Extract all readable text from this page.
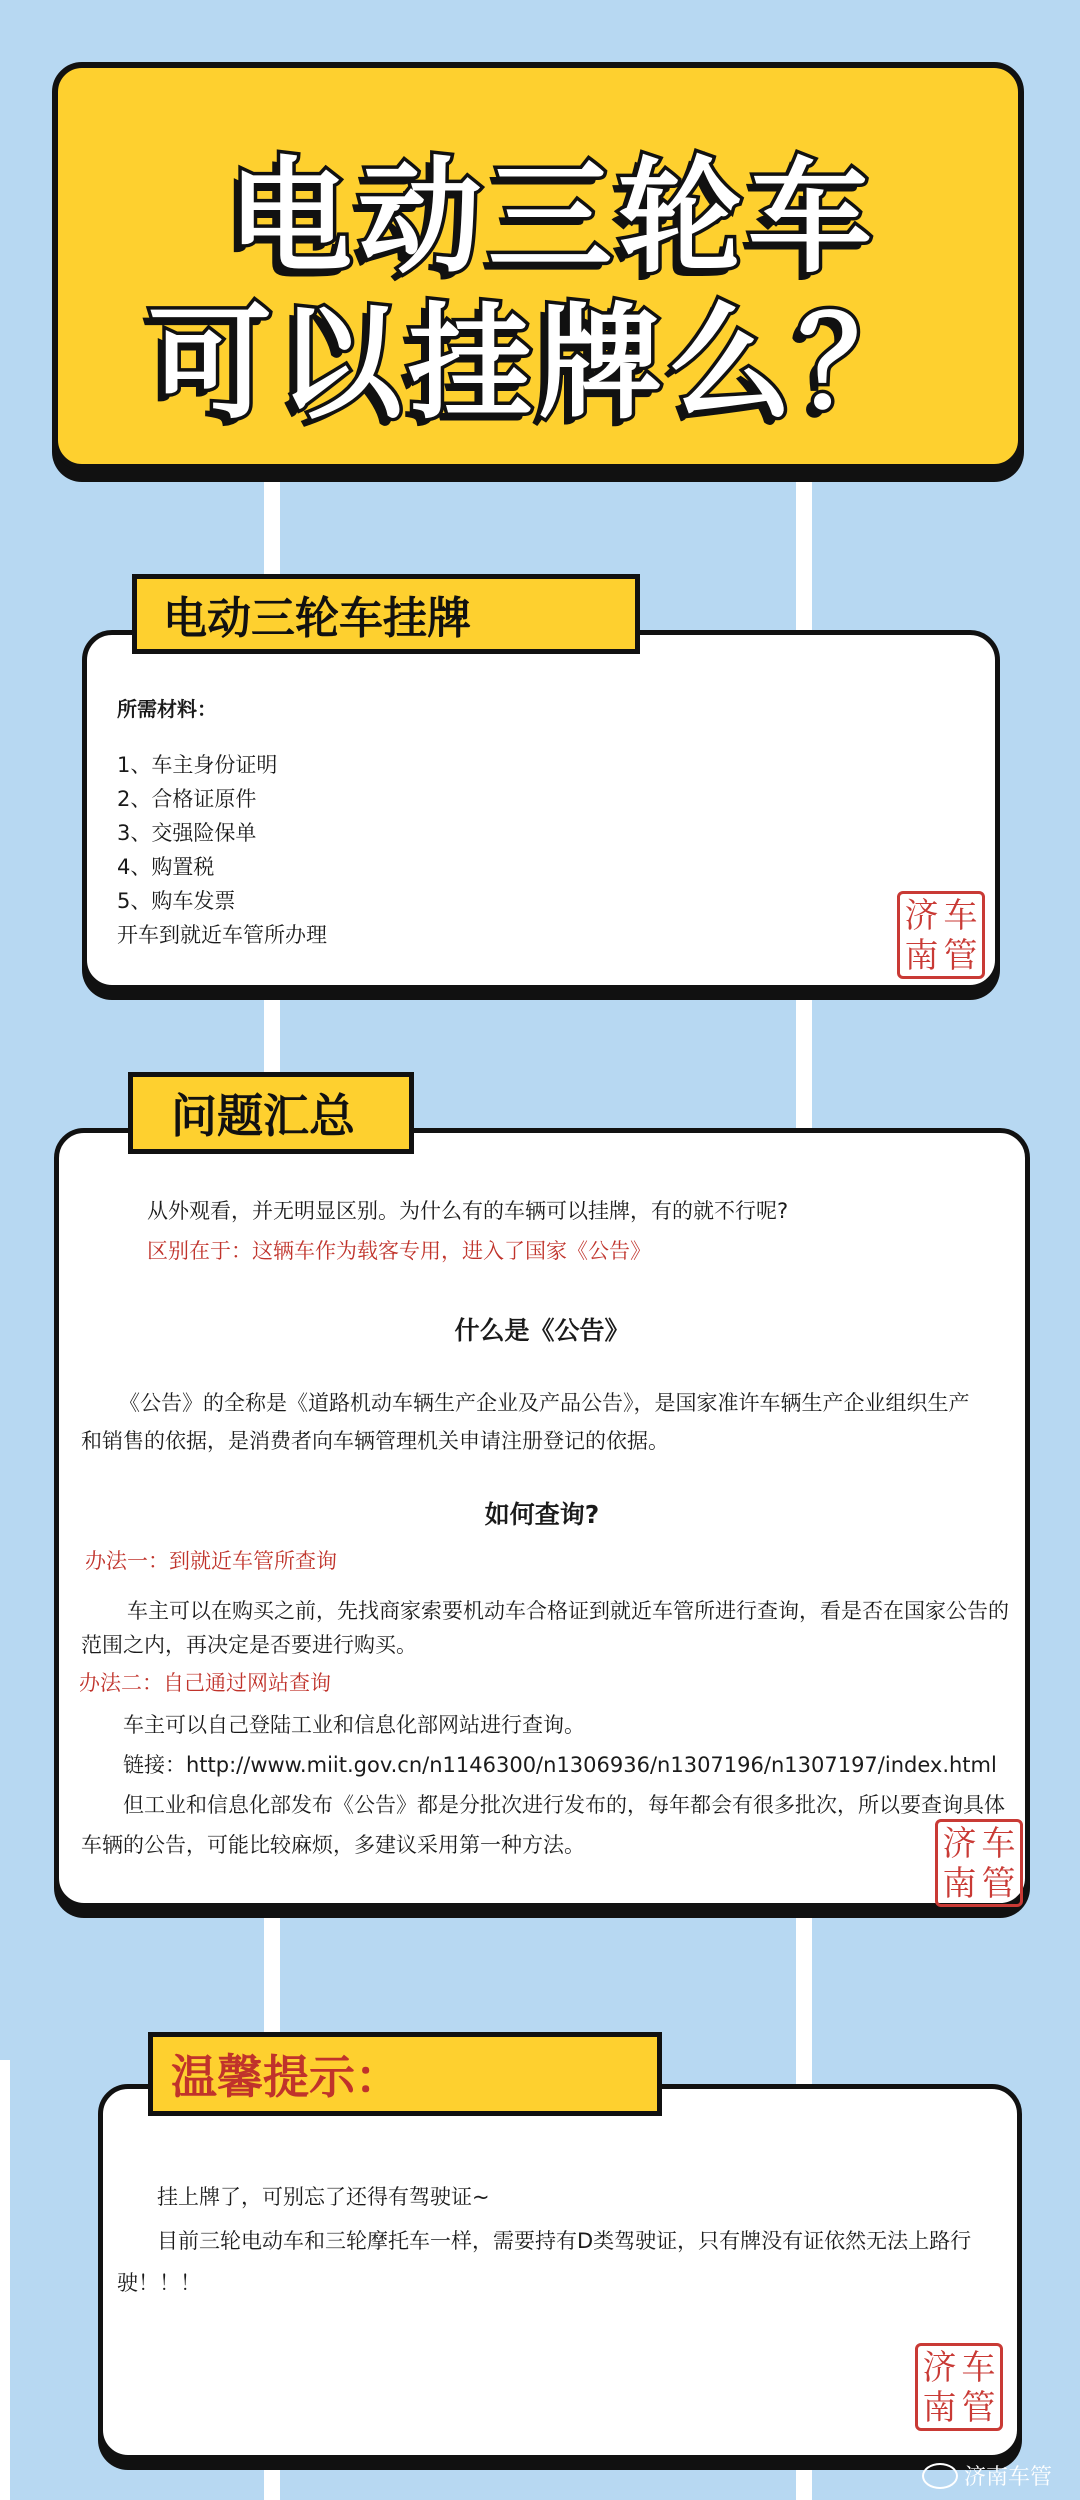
电动三轮车
可以挂牌么？
所需材料：
1、车主身份证明
2、合格证原件
3、交强险保单
4、购置税
5、购车发票
开车到就近车管所办理	济 车
南 管
电动三轮车挂牌
从外观看，并无明显区别。为什么有的车辆可以挂牌，有的就不行呢?
区别在于：这辆车作为载客专用，进入了国家《公告》
什么是《公告》
《公告》的全称是《道路机动车辆生产企业及产品公告》，是国家准许车辆生产企业组织生产
和销售的依据，是消费者向车辆管理机关申请注册登记的依据。
如何查询?
办法一：到就近车管所查询
车主可以在购买之前，先找商家索要机动车合格证到就近车管所进行查询，看是否在国家公告的
范围之内，再决定是否要进行购买。
办法二：自己通过网站查询
车主可以自己登陆工业和信息化部网站进行查询。
链接：http://www.miit.gov.cn/n1146300/n1306936/n1307196/n1307197/index.html
但工业和信息化部发布《公告》都是分批次进行发布的，每年都会有很多批次，所以要查询具体
车辆的公告，可能比较麻烦，多建议采用第一种方法。	济 车
南 管
问题汇总
挂上牌了，可别忘了还得有驾驶证~
目前三轮电动车和三轮摩托车一样，需要持有D类驾驶证，只有牌没有证依然无法上路行
驶！！！
济 车
南 管
温馨提示：
济南车管
